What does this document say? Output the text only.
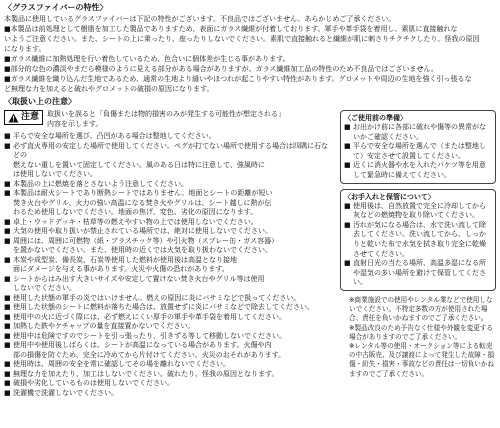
〈グラスファイバーの特性〉

本製品に使用しているグラスファイバーは下記の特性がございます。不良品ではございません。あらかじめご了承ください。

■本製品は前処理として樹脂を加工した製品でありますため、表面にガラス繊維が付着しております。軍手や革手袋を着用し、素肌に直接触れな

いようご注意ください。また、シートの上に乗ったり、座ったりしないでください。素肌で直接触れると繊維が肌に刺さりチクチクしたり、怪我の原因

になります。

■ガラス繊維に加熱処理を行い着色しているため、色合いに個体差が生じる事があります。

■部分的な色の濃淡やまだら模様のように見える部分がある場合がありますが、ガラス繊維加工品の特性のため不良品ではございません。

■ガラス繊維を織り込んだ生地であるため、通常の生地より縫いやほつれが起こりやすい特性があります。グロメットや周辺の生地を強く引っ張るな

ど無理な力を加えると破れやグロメットの破損の原因になります。

〈取扱い上の注意〉
注意 取扱いを誤ると「負傷または物的損害のみが発生する可能性が想定される」
内容を示します。
■ 平らで安全な場所を選び、凸凹がある場合は整地してください。
■ 必ず直火専用の安定した場所で使用してください。ペグが打てない場所で使用する場合は四隅に石などの
燃えない重しを置いて固定してください。風のある日は特に注意して、強風時に
は使用しないでください。
■ 本製品の上に燃焼を落とさないよう注意してください。
■ 本製品は耐火シートであり断熱シートではありません。地面とシートの距離が短い
焚き火台やグリル、火力の強い高温になる焚き火やグリルは、シート越しに熱が伝
わるため使用しないでください。地面の焦げ、変色、劣化の原因になります。
■ 卓上・ウッドデッキ・枯草等の燃えやすい物の上では使用しないでください。
■ 大気の使用や取り扱いが禁止されている場所では、絶対に使用しないでください。
■ 周囲には、周囲に可燃物（紙・プラスチック等）や引火物（スプレー缶・ガス容器）
を置かないでください。また、使用時の近くでは火気を取り扱わないでください。
■ 木炭や成型炭、備長炭、石炭等使用した燃料が使用後は高温となり接地
面にダメージを与える事があります。火災や火傷の恐れがあります。
■ シートからはみ出す大きいサイズや安定して置けない焚き火台やグリル等は使用
しないでください。
■ 使用した状態の軍手の炎ではいけません。燃えの原因に炎にバサミなどで扱ってください。
■ 使用した状態のシートに燃料が落ちた場合は、放置せずに炎にバサミなどで除去してください。
■ 使用中の火に近づく際には、必ず燃えにくい厚手の軍手や革手袋を着用してください。
■ 加熱した鉄やケチャップの量を直接置かないでください。
■ 使用中は危険ですのでシートを引っ張ったり、引きずる等して移動しないでください。
■ 使用中や使用後しばらくは、シートが高温になっている場合があります。火傷や内
部の損傷を防ぐため、完全に冷めてから片付けてください。火災のおそれがあります。
■ 使用時は、周囲の安全を常に確認してその場を離れないでください。
■ 無理な力を加えたり、加工はしないでください。破れたり、怪我の原因となります。
■ 破損や劣化しているものは使用しないでください。
■ 洗濯機で洗濯しないでください。
〈ご使用前の準備〉
■ お出かけ前に各部に破れや傷等の異常がないかご確認ください。
■ 平らで安全な場所を選んで（または整地して）安定させて設置してください。
■ 近くに消火器や水を入れたバケツ等を用意して緊急時に備えてください。
〈お手入れと保管について〉
■ 使用後は、自然放置で完全に冷却してから灰などの燃焼物を取り除いてください。
■ 汚れが気になる場合は、水で洗い流して除去してください。洗い流してから、しっかりと乾いた布で水気を拭き取り完全に乾燥させてください。
■ 直射日光の当たる場所、高温多湿になる所や湿気の多い場所を避けて保管してください。
※商業施設での使用やレンタル業などで使用しないでください。不特定多数の方が使用された場合、責任を負いかねますのでご了承ください。
※製品改良のため予告なく仕様や外観を変更する場合がありますのでご了承ください。
※レンタル等の使用・オークション等による転売の中古販売、及び譲渡によって発生した故障・損傷・紛失・損害・事故などの責任は一切負いかねますのでご了承ください。
